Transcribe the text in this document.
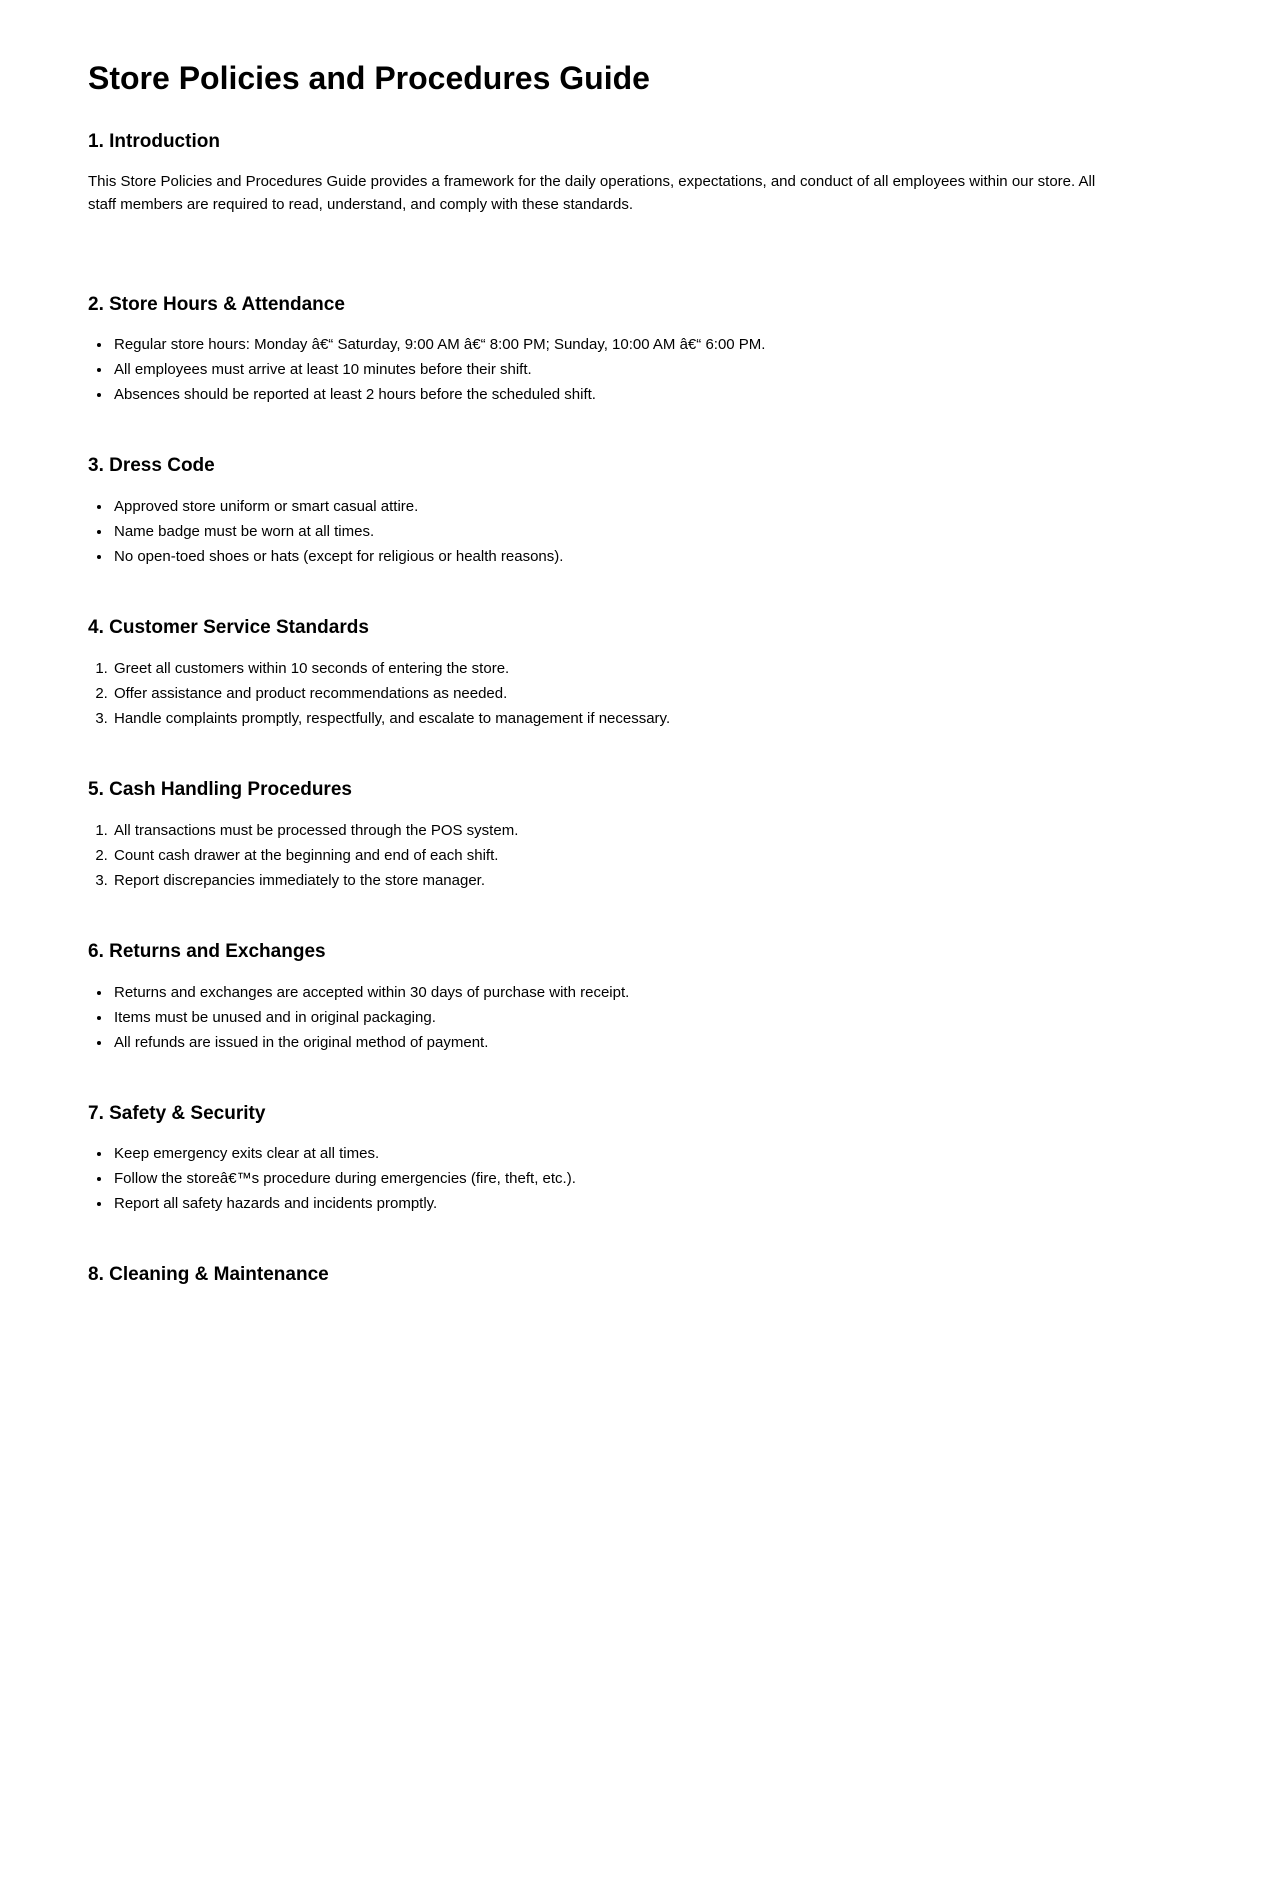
Store Policies and Procedures Guide
1. Introduction

This Store Policies and Procedures Guide provides a framework for the daily operations, expectations, and conduct of all employees within our store. All staff members are required to read, understand, and comply with these standards.

2. Store Hours & Attendance
• Regular store hours: Monday â€“ Saturday, 9:00 AM â€“ 8:00 PM; Sunday, 10:00 AM â€“ 6:00 PM.
• All employees must arrive at least 10 minutes before their shift.
• Absences should be reported at least 2 hours before the scheduled shift.
3. Dress Code
• Approved store uniform or smart casual attire.
• Name badge must be worn at all times.
• No open-toed shoes or hats (except for religious or health reasons).
4. Customer Service Standards
1. Greet all customers within 10 seconds of entering the store.
2. Offer assistance and product recommendations as needed.
3. Handle complaints promptly, respectfully, and escalate to management if necessary.
5. Cash Handling Procedures
1. All transactions must be processed through the POS system.
2. Count cash drawer at the beginning and end of each shift.
3. Report discrepancies immediately to the store manager.
6. Returns and Exchanges
• Returns and exchanges are accepted within 30 days of purchase with receipt.
• Items must be unused and in original packaging.
• All refunds are issued in the original method of payment.
7. Safety & Security
• Keep emergency exits clear at all times.
• Follow the storeâ€™s procedure during emergencies (fire, theft, etc.).
• Report all safety hazards and incidents promptly.
8. Cleaning & Maintenance
